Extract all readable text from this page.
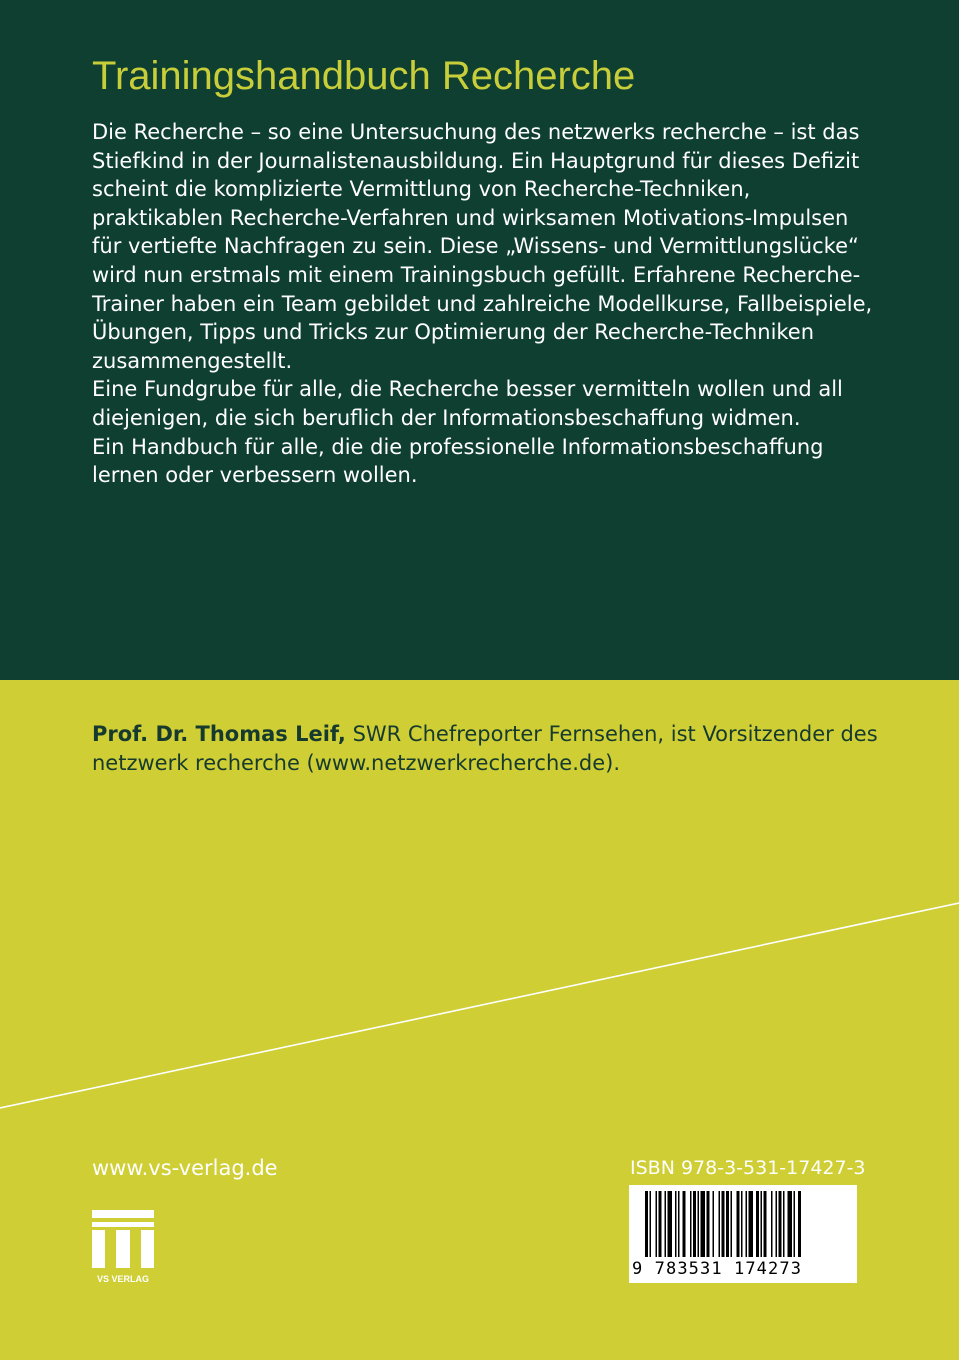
Trainingshandbuch Recherche

Die Recherche – so eine Untersuchung des netzwerks recherche – ist das Stiefkind in der Journalistenausbildung. Ein Hauptgrund für dieses Defizit scheint die komplizierte Vermittlung von Recherche-Techniken, praktikablen Recherche-Verfahren und wirksamen Motivations-Impulsen für vertiefte Nachfragen zu sein. Diese „Wissens- und Vermittlungslücke“ wird nun erstmals mit einem Trainingsbuch gefüllt. Erfahrene Recherche-Trainer haben ein Team gebildet und zahlreiche Modellkurse, Fallbeispiele, Übungen, Tipps und Tricks zur Optimierung der Recherche-Techniken zusammengestellt.

Eine Fundgrube für alle, die Recherche besser vermitteln wollen und all diejenigen, die sich beruflich der Informationsbeschaffung widmen.

Ein Handbuch für alle, die die professionelle Informationsbeschaffung lernen oder verbessern wollen.

Prof. Dr. Thomas Leif, SWR Chefreporter Fernsehen, ist Vorsitzender des netzwerk recherche (www.netzwerkrecherche.de).

www.vs-verlag.de
VS VERLAG
ISBN 978-3-531-17427-3
9 783531 174273
